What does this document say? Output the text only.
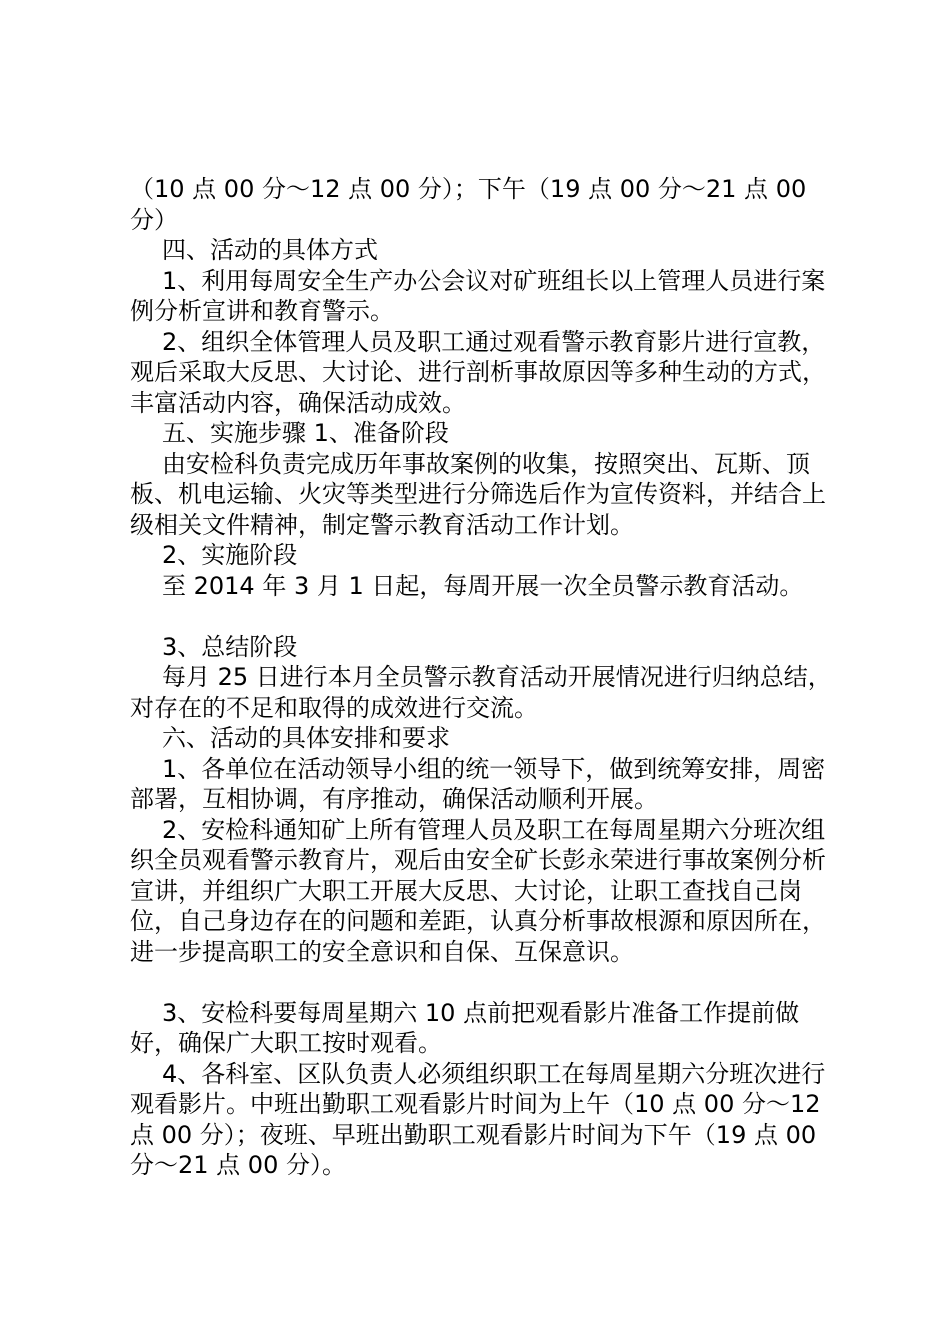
（10 点 00 分～12 点 00 分）；下午（19 点 00 分～21 点 00 分）

四、活动的具体方式

1、利用每周安全生产办公会议对矿班组长以上管理人员进行案例分析宣讲和教育警示。

2、组织全体管理人员及职工通过观看警示教育影片进行宣教，观后采取大反思、大讨论、进行剖析事故原因等多种生动的方式，丰富活动内容，确保活动成效。

五、实施步骤 1、准备阶段

由安检科负责完成历年事故案例的收集，按照突出、瓦斯、顶板、机电运输、火灾等类型进行分筛选后作为宣传资料，并结合上级相关文件精神，制定警示教育活动工作计划。

2、实施阶段

至 2014 年 3 月 1 日起，每周开展一次全员警示教育活动。

3、总结阶段

每月 25 日进行本月全员警示教育活动开展情况进行归纳总结，对存在的不足和取得的成效进行交流。

六、活动的具体安排和要求

1、各单位在活动领导小组的统一领导下，做到统筹安排，周密部署，互相协调，有序推动，确保活动顺利开展。

2、安检科通知矿上所有管理人员及职工在每周星期六分班次组织全员观看警示教育片，观后由安全矿长彭永荣进行事故案例分析宣讲，并组织广大职工开展大反思、大讨论，让职工查找自己岗位，自己身边存在的问题和差距，认真分析事故根源和原因所在，进一步提高职工的安全意识和自保、互保意识。

3、安检科要每周星期六 10 点前把观看影片准备工作提前做好，确保广大职工按时观看。

4、各科室、区队负责人必须组织职工在每周星期六分班次进行观看影片。中班出勤职工观看影片时间为上午（10 点 00 分～12 点 00 分）；夜班、早班出勤职工观看影片时间为下午（19 点 00 分～21 点 00 分）。
